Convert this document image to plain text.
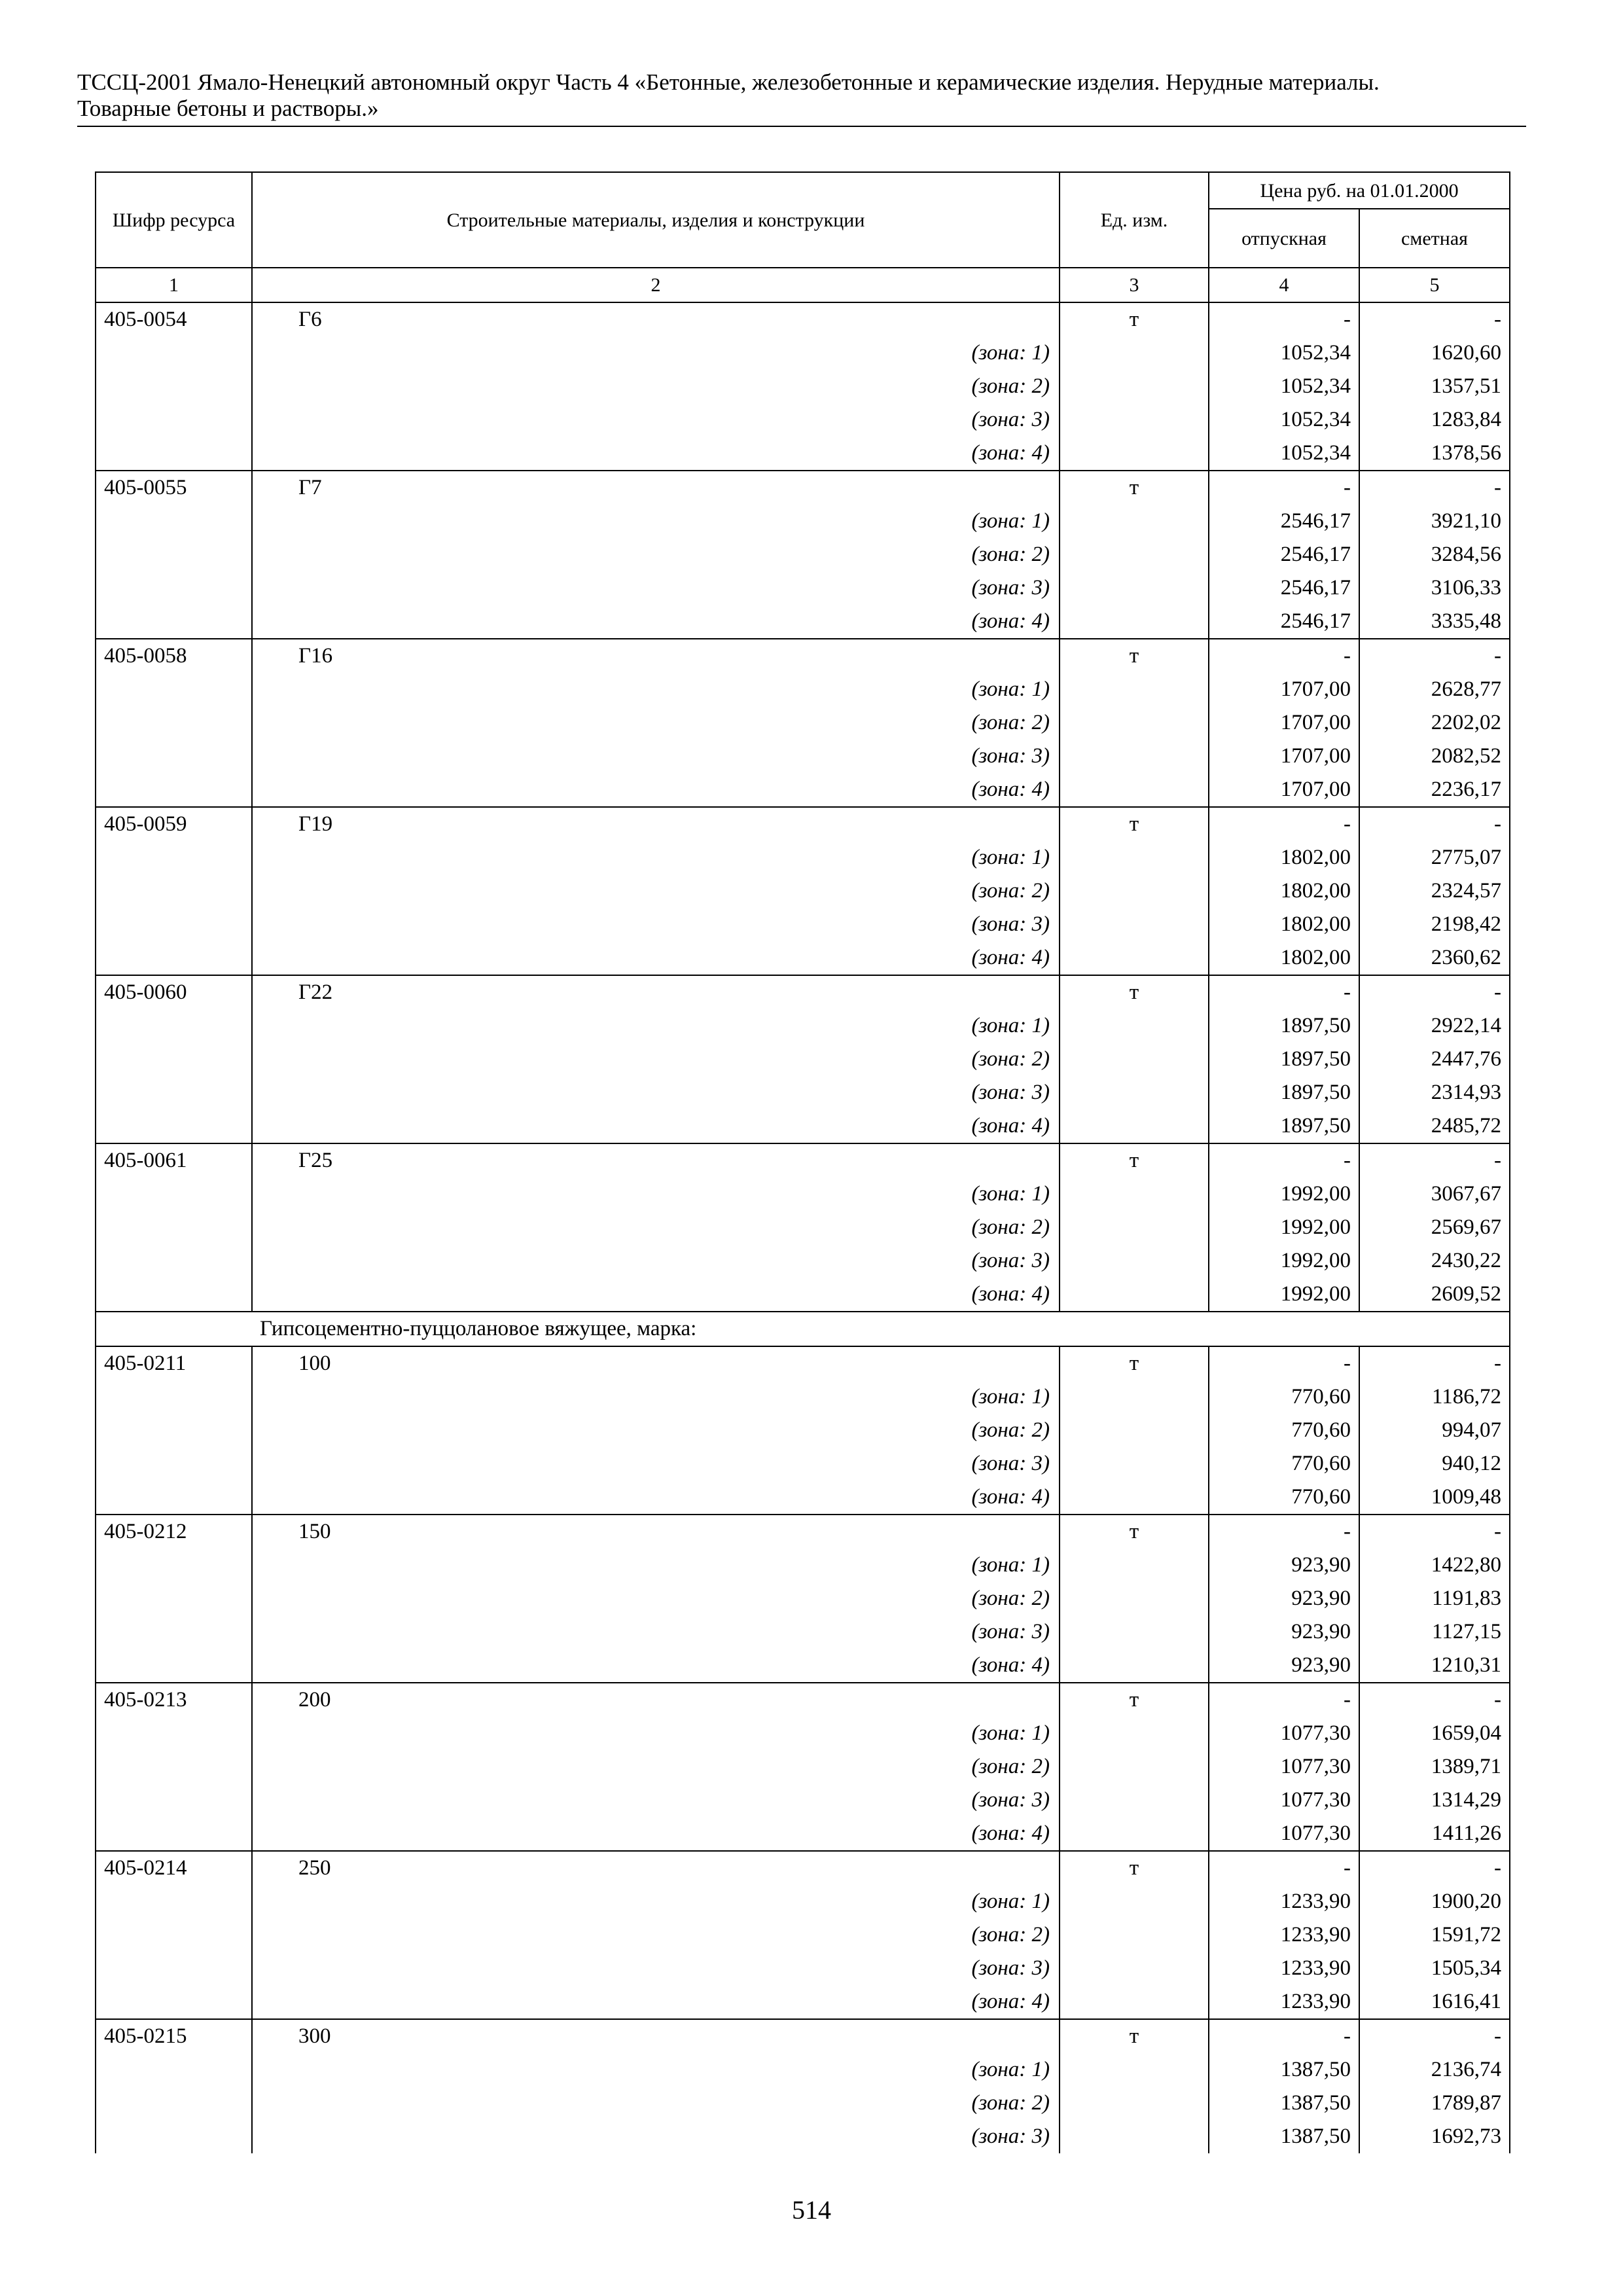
ТССЦ-2001 Ямало-Ненецкий автономный округ Часть 4 «Бетонные, железобетонные и керамические изделия. Нерудные материалы.
Товарные бетоны и растворы.»
Шифр ресурса	Строительные материалы, изделия и конструкции	Ед. изм.	Цена руб. на 01.01.2000	
			отпускная	сметная
1	2	3	4	5
405-0054	Г6	т	-	-
	(зона: 1)		1052,34	1620,60
	(зона: 2)		1052,34	1357,51
	(зона: 3)		1052,34	1283,84
	(зона: 4)		1052,34	1378,56
405-0055	Г7	т	-	-
	(зона: 1)		2546,17	3921,10
	(зона: 2)		2546,17	3284,56
	(зона: 3)		2546,17	3106,33
	(зона: 4)		2546,17	3335,48
405-0058	Г16	т	-	-
	(зона: 1)		1707,00	2628,77
	(зона: 2)		1707,00	2202,02
	(зона: 3)		1707,00	2082,52
	(зона: 4)		1707,00	2236,17
405-0059	Г19	т	-	-
	(зона: 1)		1802,00	2775,07
	(зона: 2)		1802,00	2324,57
	(зона: 3)		1802,00	2198,42
	(зона: 4)		1802,00	2360,62
405-0060	Г22	т	-	-
	(зона: 1)		1897,50	2922,14
	(зона: 2)		1897,50	2447,76
	(зона: 3)		1897,50	2314,93
	(зона: 4)		1897,50	2485,72
405-0061	Г25	т	-	-
	(зона: 1)		1992,00	3067,67
	(зона: 2)		1992,00	2569,67
	(зона: 3)		1992,00	2430,22
	(зона: 4)		1992,00	2609,52
Гипсоцементно-пуццолановое вяжущее, марка:				
405-0211	100	т	-	-
	(зона: 1)		770,60	1186,72
	(зона: 2)		770,60	994,07
	(зона: 3)		770,60	940,12
	(зона: 4)		770,60	1009,48
405-0212	150	т	-	-
	(зона: 1)		923,90	1422,80
	(зона: 2)		923,90	1191,83
	(зона: 3)		923,90	1127,15
	(зона: 4)		923,90	1210,31
405-0213	200	т	-	-
	(зона: 1)		1077,30	1659,04
	(зона: 2)		1077,30	1389,71
	(зона: 3)		1077,30	1314,29
	(зона: 4)		1077,30	1411,26
405-0214	250	т	-	-
	(зона: 1)		1233,90	1900,20
	(зона: 2)		1233,90	1591,72
	(зона: 3)		1233,90	1505,34
	(зона: 4)		1233,90	1616,41
405-0215	300	т	-	-
	(зона: 1)		1387,50	2136,74
	(зона: 2)		1387,50	1789,87
	(зона: 3)		1387,50	1692,73
514
